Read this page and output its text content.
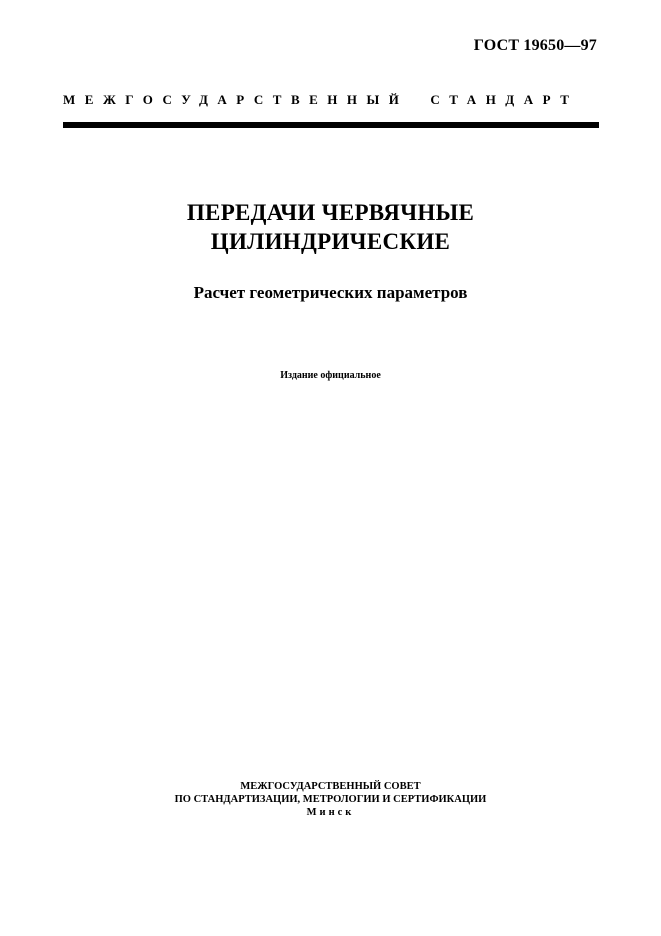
ГОСТ 19650—97
МЕЖГОСУДАРСТВЕННЫЙ СТАНДАРТ
ПЕРЕДАЧИ ЧЕРВЯЧНЫЕ
ЦИЛИНДРИЧЕСКИЕ
Расчет геометрических параметров
Издание официальное
МЕЖГОСУДАРСТВЕННЫЙ СОВЕТ
ПО СТАНДАРТИЗАЦИИ, МЕТРОЛОГИИ И СЕРТИФИКАЦИИ
Минск
